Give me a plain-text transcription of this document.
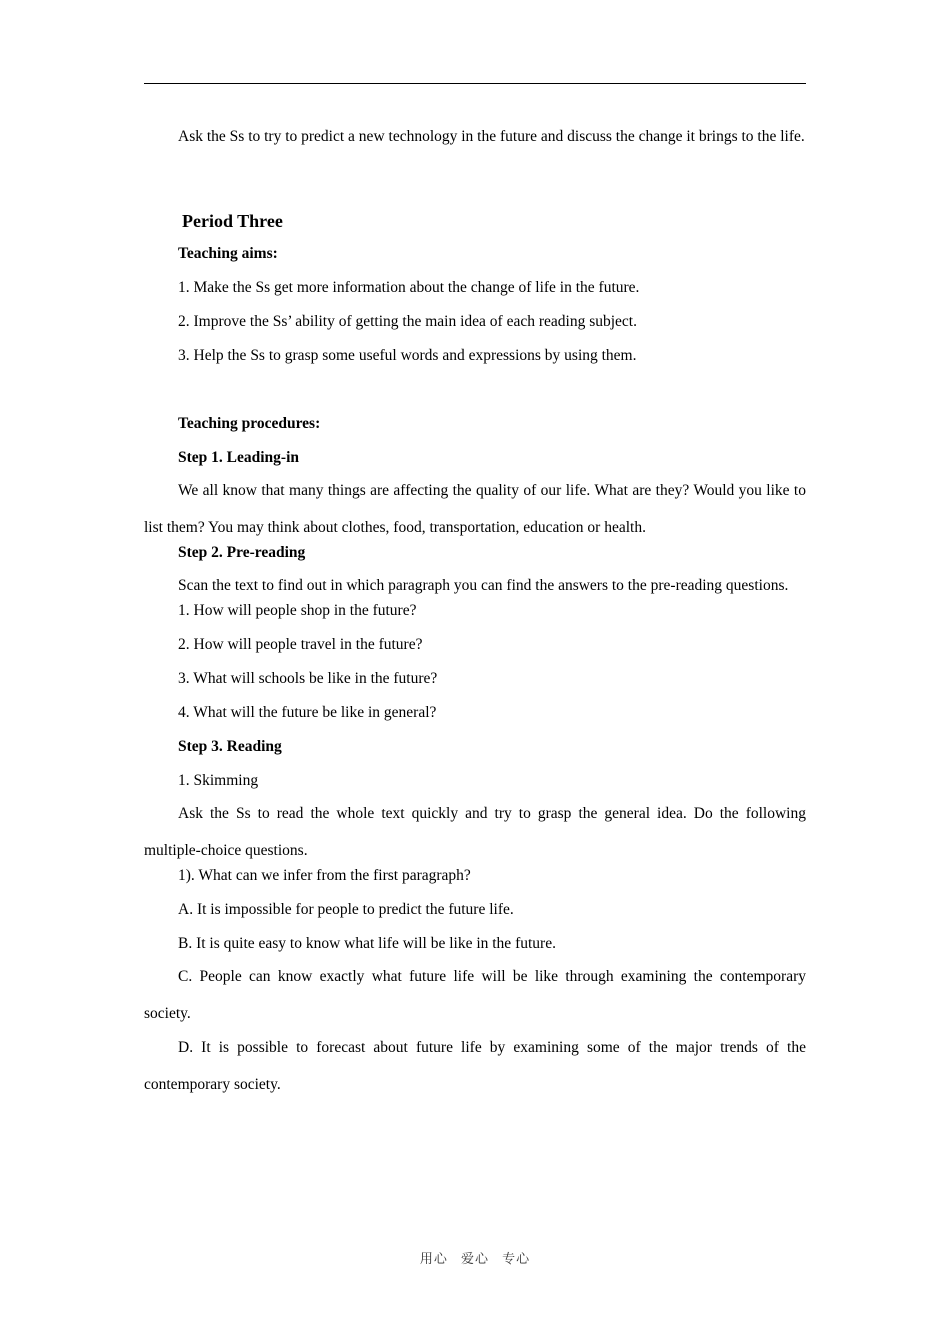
Ask the Ss to try to predict a new technology in the future and discuss the change it brings to the life.

Period Three

Teaching aims:

1. Make the Ss get more information about the change of life in the future.

2. Improve the Ss’ ability of getting the main idea of each reading subject.

3. Help the Ss to grasp some useful words and expressions by using them.

Teaching procedures:

Step 1. Leading-in

We all know that many things are affecting the quality of our life. What are they? Would you like to list them? You may think about clothes, food, transportation, education or health.

Step 2. Pre-reading

Scan the text to find out in which paragraph you can find the answers to the pre-reading questions.

1. How will people shop in the future?

2. How will people travel in the future?

3. What will schools be like in the future?

4. What will the future be like in general?

Step 3. Reading

1. Skimming

Ask the Ss to read the whole text quickly and try to grasp the general idea. Do the following multiple-choice questions.

1). What can we infer from the first paragraph?

A. It is impossible for people to predict the future life.

B. It is quite easy to know what life will be like in the future.

C. People can know exactly what future life will be like through examining the contemporary society.

D. It is possible to forecast about future life by examining some of the major trends of the contemporary society.

用心 爱心 专心
